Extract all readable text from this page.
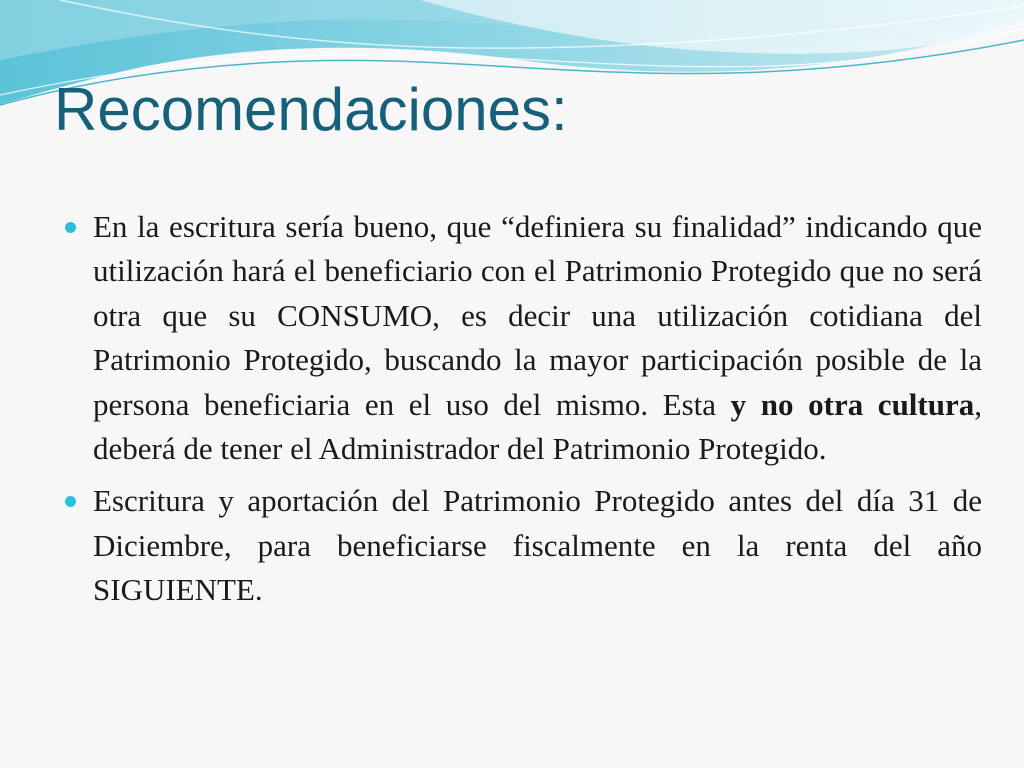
Recomendaciones:
En la escritura sería bueno, que “definiera su finalidad” indicando que utilización hará el beneficiario con el Patrimonio Protegido que no será otra que su CONSUMO, es decir una utilización cotidiana del Patrimonio Protegido, buscando la mayor participación posible de la persona beneficiaria en el uso del mismo. Esta y no otra cultura, deberá de tener el Administrador del Patrimonio Protegido.
Escritura y aportación del Patrimonio Protegido antes del día 31 de Diciembre, para beneficiarse fiscalmente en la renta del año SIGUIENTE.
